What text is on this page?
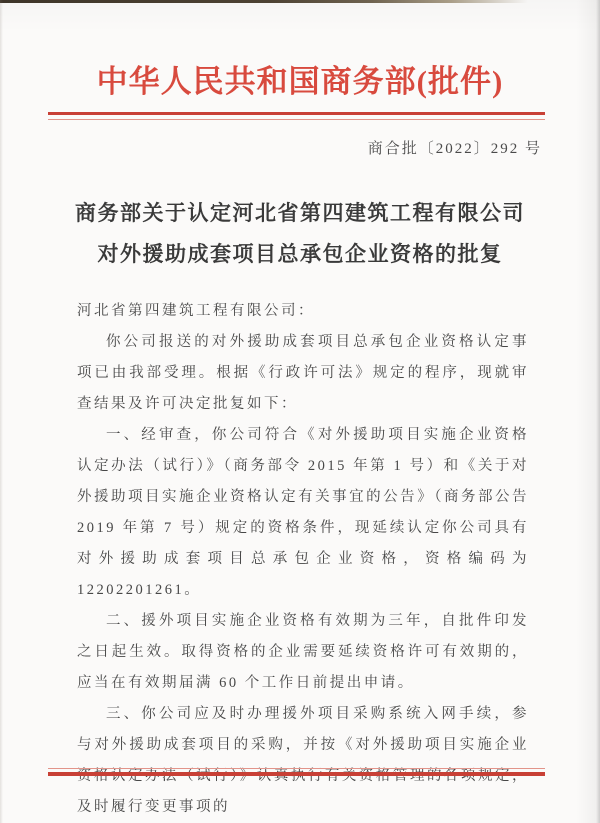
中华人民共和国商务部(批件)
商合批〔2022〕292 号
商务部关于认定河北省第四建筑工程有限公司
对外援助成套项目总承包企业资格的批复

河北省第四建筑工程有限公司：

你公司报送的对外援助成套项目总承包企业资格认定事项已由我部受理。根据《行政许可法》规定的程序，现就审查结果及许可决定批复如下：

一、经审查，你公司符合《对外援助项目实施企业资格认定办法（试行）》（商务部令 2015 年第 1 号）和《关于对外援助项目实施企业资格认定有关事宜的公告》（商务部公告 2019 年第 7 号）规定的资格条件，现延续认定你公司具有对外援助成套项目总承包企业资格，资格编码为 12202201261。

二、援外项目实施企业资格有效期为三年，自批件印发之日起生效。取得资格的企业需要延续资格许可有效期的，应当在有效期届满 60 个工作日前提出申请。

三、你公司应及时办理援外项目采购系统入网手续，参与对外援助成套项目的采购，并按《对外援助项目实施企业资格认定办法（试行）》认真执行有关资格管理的各项规定，及时履行变更事项的
